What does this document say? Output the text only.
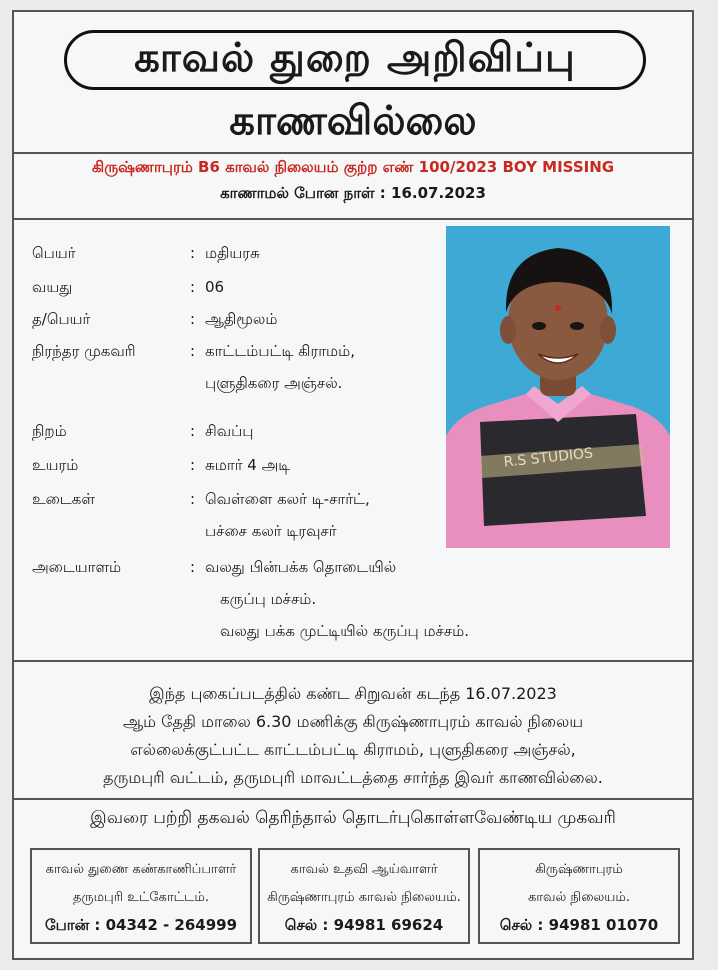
காவல் துறை அறிவிப்பு
காணவில்லை
கிருஷ்ணாபுரம் B6 காவல் நிலையம் குற்ற எண் 100/2023 BOY MISSING
காணாமல் போன நாள் : 16.07.2023
பெயர்	: மதியரசு
வயது	: 06
த/பெயர்	: ஆதிமூலம்
நிரந்தர முகவரி	: காட்டம்பட்டி கிராமம்,
புளுதிகரை அஞ்சல்.
நிறம்	: சிவப்பு
உயரம்	: சுமார் 4 அடி
உடைகள்	: வெள்ளை கலர் டி-சார்ட்,
பச்சை கலர் டிரவுசர்
அடையாளம்	: வலது பின்பக்க தொடையில்
கருப்பு மச்சம்.
வலது பக்க முட்டியில் கருப்பு மச்சம்.
R.S STUDIOS
இந்த புகைப்படத்தில் கண்ட சிறுவன் கடந்த 16.07.2023
ஆம் தேதி மாலை 6.30 மணிக்கு கிருஷ்ணாபுரம் காவல் நிலைய
எல்லைக்குட்பட்ட காட்டம்பட்டி கிராமம், புளுதிகரை அஞ்சல்,
தருமபுரி வட்டம், தருமபுரி மாவட்டத்தை சார்ந்த இவர் காணவில்லை.
இவரை பற்றி தகவல் தெரிந்தால் தொடர்புகொள்ளவேண்டிய முகவரி
காவல் துணை கண்காணிப்பாளர்
தருமபுரி உட்கோட்டம்.
போன் : 04342 - 264999
காவல் உதவி ஆய்வாளர்
கிருஷ்ணாபுரம் காவல் நிலையம்.
செல் : 94981 69624
கிருஷ்ணாபுரம்
காவல் நிலையம்.
செல் : 94981 01070
